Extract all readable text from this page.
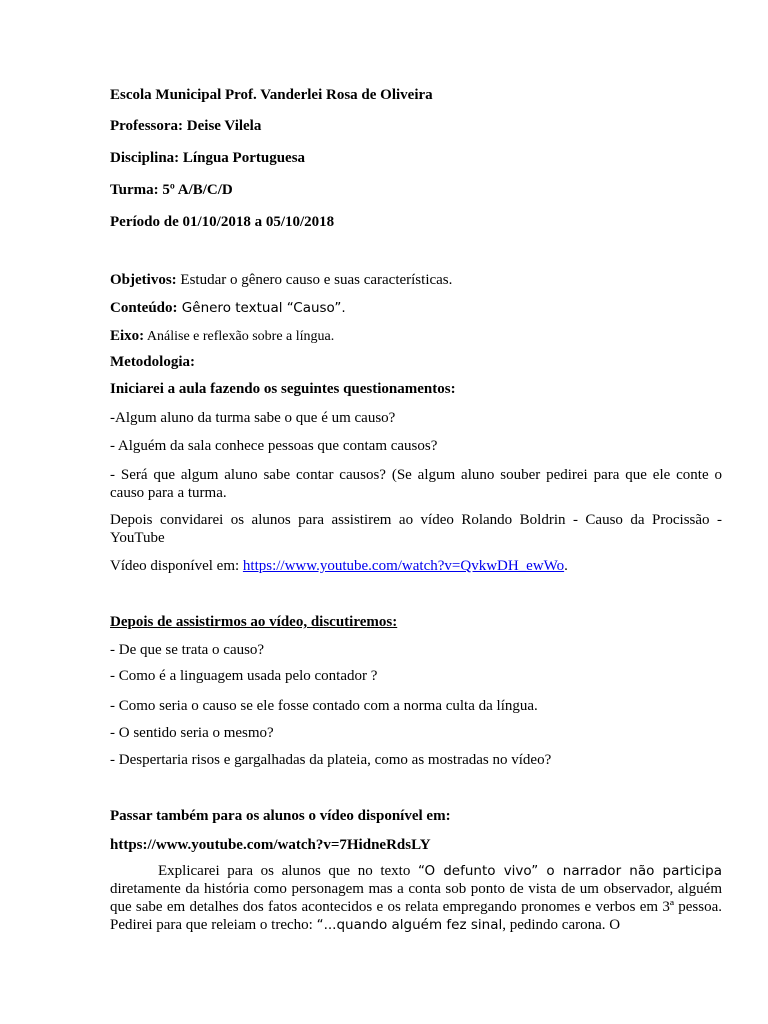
Escola Municipal Prof. Vanderlei Rosa de Oliveira

Professora: Deise Vilela

Disciplina: Língua Portuguesa

Turma: 5º A/B/C/D

Período de 01/10/2018 a 05/10/2018

Objetivos: Estudar o gênero causo e suas características.

Conteúdo: Gênero textual “Causo”.

Eixo: Análise e reflexão sobre a língua.

Metodologia:

Iniciarei a aula fazendo os seguintes questionamentos:

-Algum aluno da turma sabe o que é um causo?

- Alguém da sala conhece pessoas que contam causos?

- Será que algum aluno sabe contar causos? (Se algum aluno souber pedirei para que ele conte o causo para a turma.

Depois convidarei os alunos para assistirem ao vídeo Rolando Boldrin - Causo da Procissão - YouTube

Vídeo disponível em: https://www.youtube.com/watch?v=QvkwDH_ewWo.

Depois de assistirmos ao vídeo, discutiremos:

- De que se trata o causo?

- Como é a linguagem usada pelo contador ?

- Como seria o causo se ele fosse contado com a norma culta da língua.

- O sentido seria o mesmo?

- Despertaria risos e gargalhadas da plateia, como as mostradas no vídeo?

Passar também para os alunos o vídeo disponível em:

https://www.youtube.com/watch?v=7HidneRdsLY

Explicarei para os alunos que no texto “O defunto vivo” o narrador não participa diretamente da história como personagem mas a conta sob ponto de vista de um observador, alguém que sabe em detalhes dos fatos acontecidos e os relata empregando pronomes e verbos em 3ª pessoa. Pedirei para que releiam o trecho: “...quando alguém fez sinal, pedindo carona. O
